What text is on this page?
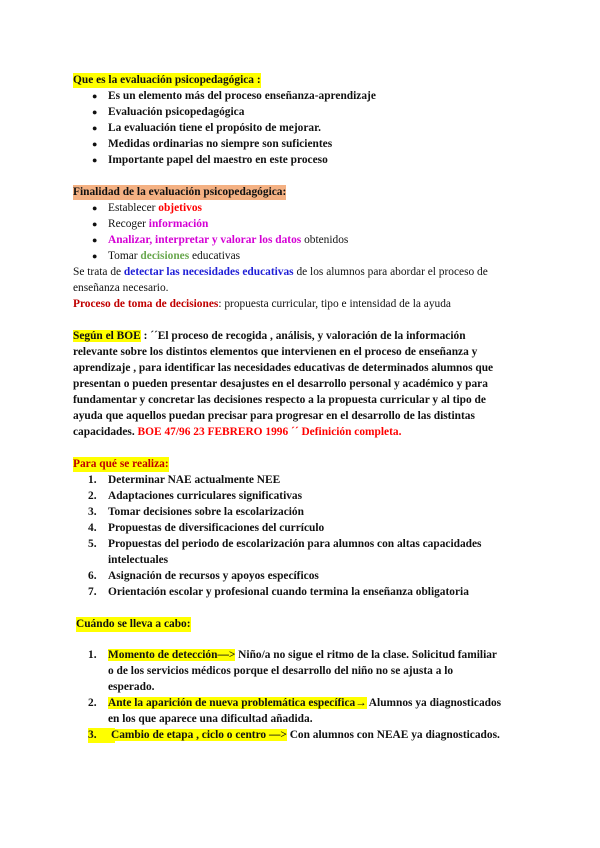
Que es la evaluación psicopedagógica :
● Es un elemento más del proceso enseñanza-aprendizaje
● Evaluación psicopedagógica
● La evaluación tiene el propósito de mejorar.
● Medidas ordinarias no siempre son suficientes
● Importante papel del maestro en este proceso
Finalidad de la evaluación psicopedagógica:
● Establecer objetivos
● Recoger información
● Analizar, interpretar y valorar los datos obtenidos
● Tomar decisiones educativas
Se trata de detectar las necesidades educativas de los alumnos para abordar el proceso de
enseñanza necesario.
Proceso de toma de decisiones: propuesta curricular, tipo e intensidad de la ayuda
Según el BOE : ´´El proceso de recogida , análisis, y valoración de la información
relevante sobre los distintos elementos que intervienen en el proceso de enseñanza y
aprendizaje , para identificar las necesidades educativas de determinados alumnos que
presentan o pueden presentar desajustes en el desarrollo personal y académico y para
fundamentar y concretar las decisiones respecto a la propuesta curricular y al tipo de
ayuda que aquellos puedan precisar para progresar en el desarrollo de las distintas
capacidades. BOE 47/96 23 FEBRERO 1996 ´´ Definición completa.
Para qué se realiza:
1. Determinar NAE actualmente NEE
2. Adaptaciones curriculares significativas
3. Tomar decisiones sobre la escolarización
4. Propuestas de diversificaciones del currículo
5. Propuestas del periodo de escolarización para alumnos con altas capacidades
intelectuales
6. Asignación de recursos y apoyos específicos
7. Orientación escolar y profesional cuando termina la enseñanza obligatoria
Cuándo se lleva a cabo:
1. Momento de detección—> Niño/a no sigue el ritmo de la clase. Solicitud familiar
o de los servicios médicos porque el desarrollo del niño no se ajusta a lo
esperado.
2. Ante la aparición de nueva problemática específica→ Alumnos ya diagnosticados
en los que aparece una dificultad añadida.
3.	Cambio de etapa , ciclo o centro —> Con alumnos con NEAE ya diagnosticados.
